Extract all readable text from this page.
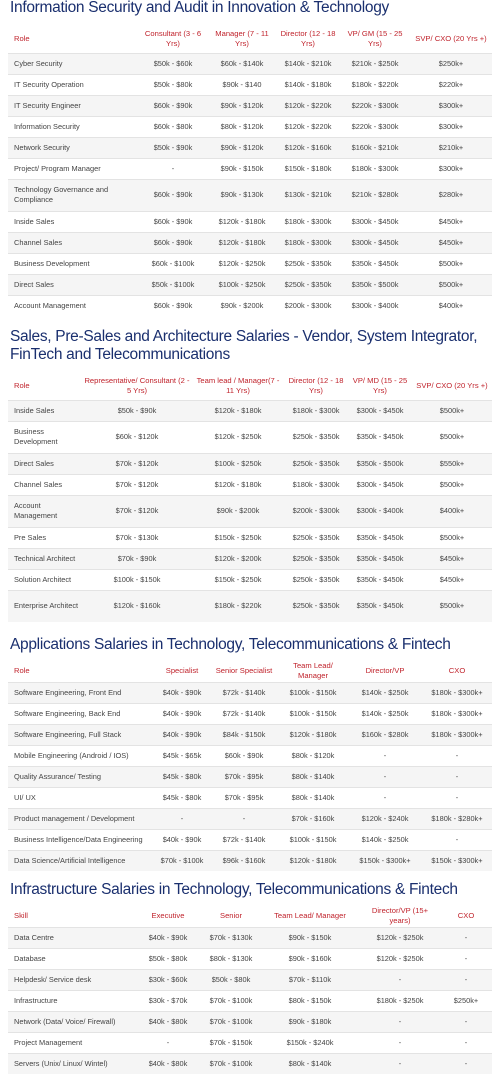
Information Security and Audit in Innovation & Technology
Role	Consultant (3 - 6 Yrs)	Manager (7 - 11 Yrs)	Director (12 - 18 Yrs)	VP/ GM (15 - 25 Yrs)	SVP/ CXO (20 Yrs +)
Cyber Security	$50k - $60k	$60k - $140k	$140k - $210k	$210k - $250k	$250k+
IT Security Operation	$50k - $80k	$90k - $140	$140k - $180k	$180k - $220k	$220k+
IT Security Engineer	$60k - $90k	$90k - $120k	$120k - $220k	$220k - $300k	$300k+
Information Security	$60k - $80k	$80k - $120k	$120k - $220k	$220k - $300k	$300k+
Network Security	$50k - $90k	$90k - $120k	$120k - $160k	$160k - $210k	$210k+
Project/ Program Manager	-	$90k - $150k	$150k - $180k	$180k - $300k	$300k+
Technology Governance and Compliance	$60k - $90k	$90k - $130k	$130k - $210k	$210k - $280k	$280k+
Inside Sales	$60k - $90k	$120k - $180k	$180k - $300k	$300k - $450k	$450k+
Channel Sales	$60k - $90k	$120k - $180k	$180k - $300k	$300k - $450k	$450k+
Business Development	$60k - $100k	$120k - $250k	$250k - $350k	$350k - $450k	$500k+
Direct Sales	$50k - $100k	$100k - $250k	$250k - $350k	$350k - $500k	$500k+
Account Management	$60k - $90k	$90k - $200k	$200k - $300k	$300k - $400k	$400k+
Sales, Pre-Sales and Architecture Salaries - Vendor, System Integrator, FinTech and Telecommunications
Role	Representative/ Consultant (2 - 5 Yrs)	Team lead / Manager(7 - 11 Yrs)	Director (12 - 18 Yrs)	VP/ MD (15 - 25 Yrs)	SVP/ CXO (20 Yrs +)
Inside Sales	$50k - $90k	$120k - $180k	$180k - $300k	$300k - $450k	$500k+
Business Development	$60k - $120k	$120k - $250k	$250k - $350k	$350k - $450k	$500k+
Direct Sales	$70k - $120k	$100k - $250k	$250k - $350k	$350k - $500k	$550k+
Channel Sales	$70k - $120k	$120k - $180k	$180k - $300k	$300k - $450k	$500k+
Account Management	$70k - $120k	$90k - $200k	$200k - $300k	$300k - $400k	$400k+
Pre Sales	$70k - $130k	$150k - $250k	$250k - $350k	$350k - $450k	$500k+
Technical Architect	$70k - $90k	$120k - $200k	$250k - $350k	$350k - $450k	$450k+
Solution Architect	$100k - $150k	$150k - $250k	$250k - $350k	$350k - $450k	$450k+
Enterprise Architect	$120k - $160k	$180k - $220k	$250k - $350k	$350k - $450k	$500k+
Applications Salaries in Technology, Telecommunications & Fintech
Role	Specialist	Senior Specialist	Team Lead/ Manager	Director/VP	CXO
Software Engineering, Front End	$40k - $90k	$72k - $140k	$100k - $150k	$140k - $250k	$180k - $300k+
Software Engineering, Back End	$40k - $90k	$72k - $140k	$100k - $150k	$140k - $250k	$180k - $300k+
Software Engineering, Full Stack	$40k - $90k	$84k - $150k	$120k - $180k	$160k - $280k	$180k - $300k+
Mobile Engineering (Android / IOS)	$45k - $65k	$60k - $90k	$80k - $120k	-	-
Quality Assurance/ Testing	$45k - $80k	$70k - $95k	$80k - $140k	-	-
UI/ UX	$45k - $80k	$70k - $95k	$80k - $140k	-	-
Product management / Development	-	-	$70k - $160k	$120k - $240k	$180k - $280k+
Business Intelligence/Data Engineering	$40k - $90k	$72k - $140k	$100k - $150k	$140k - $250k	-
Data Science/Artificial Intelligence	$70k - $100k	$96k - $160k	$120k - $180k	$150k - $300k+	$150k - $300k+
Infrastructure Salaries in Technology, Telecommunications & Fintech
Skill	Executive	Senior	Team Lead/ Manager	Director/VP (15+ years)	CXO
Data Centre	$40k - $90k	$70k - $130k	$90k - $150k	$120k - $250k	-
Database	$50k - $80k	$80k - $130k	$90k - $160k	$120k - $250k	-
Helpdesk/ Service desk	$30k - $60k	$50k - $80k	$70k - $110k	-	-
Infrastructure	$30k - $70k	$70k - $100k	$80k - $150k	$180k - $250k	$250k+
Network (Data/ Voice/ Firewall)	$40k - $80k	$70k - $100k	$90k - $180k	-	-
Project Management	-	$70k - $150k	$150k - $240k	-	-
Servers (Unix/ Linux/ Wintel)	$40k - $80k	$70k - $100k	$80k - $140k	-	-
